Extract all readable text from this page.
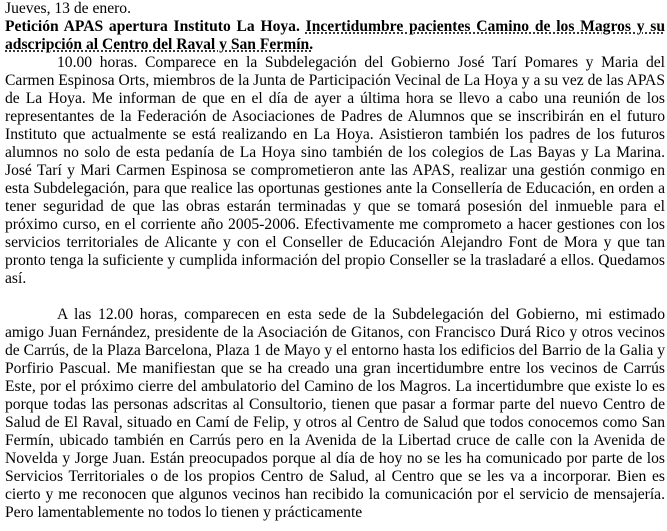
Jueves, 13 de enero.

Petición APAS apertura Instituto La Hoya. Incertidumbre pacientes Camino de los Magros y su adscripción al Centro del Raval y San Fermín.

10.00 horas. Comparece en la Subdelegación del Gobierno José Tarí Pomares y Maria del Carmen Espinosa Orts, miembros de la Junta de Participación Vecinal de La Hoya y a su vez de las APAS de La Hoya. Me informan de que en el día de ayer a última hora se llevo a cabo una reunión de los representantes de la Federación de Asociaciones de Padres de Alumnos que se inscribirán en el futuro Instituto que actualmente se está realizando en La Hoya. Asistieron también los padres de los futuros alumnos no solo de esta pedanía de La Hoya sino también de los colegios de Las Bayas y La Marina. José Tarí y Mari Carmen Espinosa se comprometieron ante las APAS, realizar una gestión conmigo en esta Subdelegación, para que realice las oportunas gestiones ante la Consellería de Educación, en orden a tener seguridad de que las obras estarán terminadas y que se tomará posesión del inmueble para el próximo curso, en el corriente año 2005-2006. Efectivamente me comprometo a hacer gestiones con los servicios territoriales de Alicante y con el Conseller de Educación Alejandro Font de Mora y que tan pronto tenga la suficiente y cumplida información del propio Conseller se la trasladaré a ellos. Quedamos así.

A las 12.00 horas, comparecen en esta sede de la Subdelegación del Gobierno, mi estimado amigo Juan Fernández, presidente de la Asociación de Gitanos, con Francisco Durá Rico y otros vecinos de Carrús, de la Plaza Barcelona, Plaza 1 de Mayo y el entorno hasta los edificios del Barrio de la Galia y Porfirio Pascual. Me manifiestan que se ha creado una gran incertidumbre entre los vecinos de Carrús Este, por el próximo cierre del ambulatorio del Camino de los Magros. La incertidumbre que existe lo es porque todas las personas adscritas al Consultorio, tienen que pasar a formar parte del nuevo Centro de Salud de El Raval, situado en Camí de Felip, y otros al Centro de Salud que todos conocemos como San Fermín, ubicado también en Carrús pero en la Avenida de la Libertad cruce de calle con la Avenida de Novelda y Jorge Juan. Están preocupados porque al día de hoy no se les ha comunicado por parte de los Servicios Territoriales o de los propios Centro de Salud, al Centro que se les va a incorporar. Bien es cierto y me reconocen que algunos vecinos han recibido la comunicación por el servicio de mensajería. Pero lamentablemente no todos lo tienen y prácticamente
